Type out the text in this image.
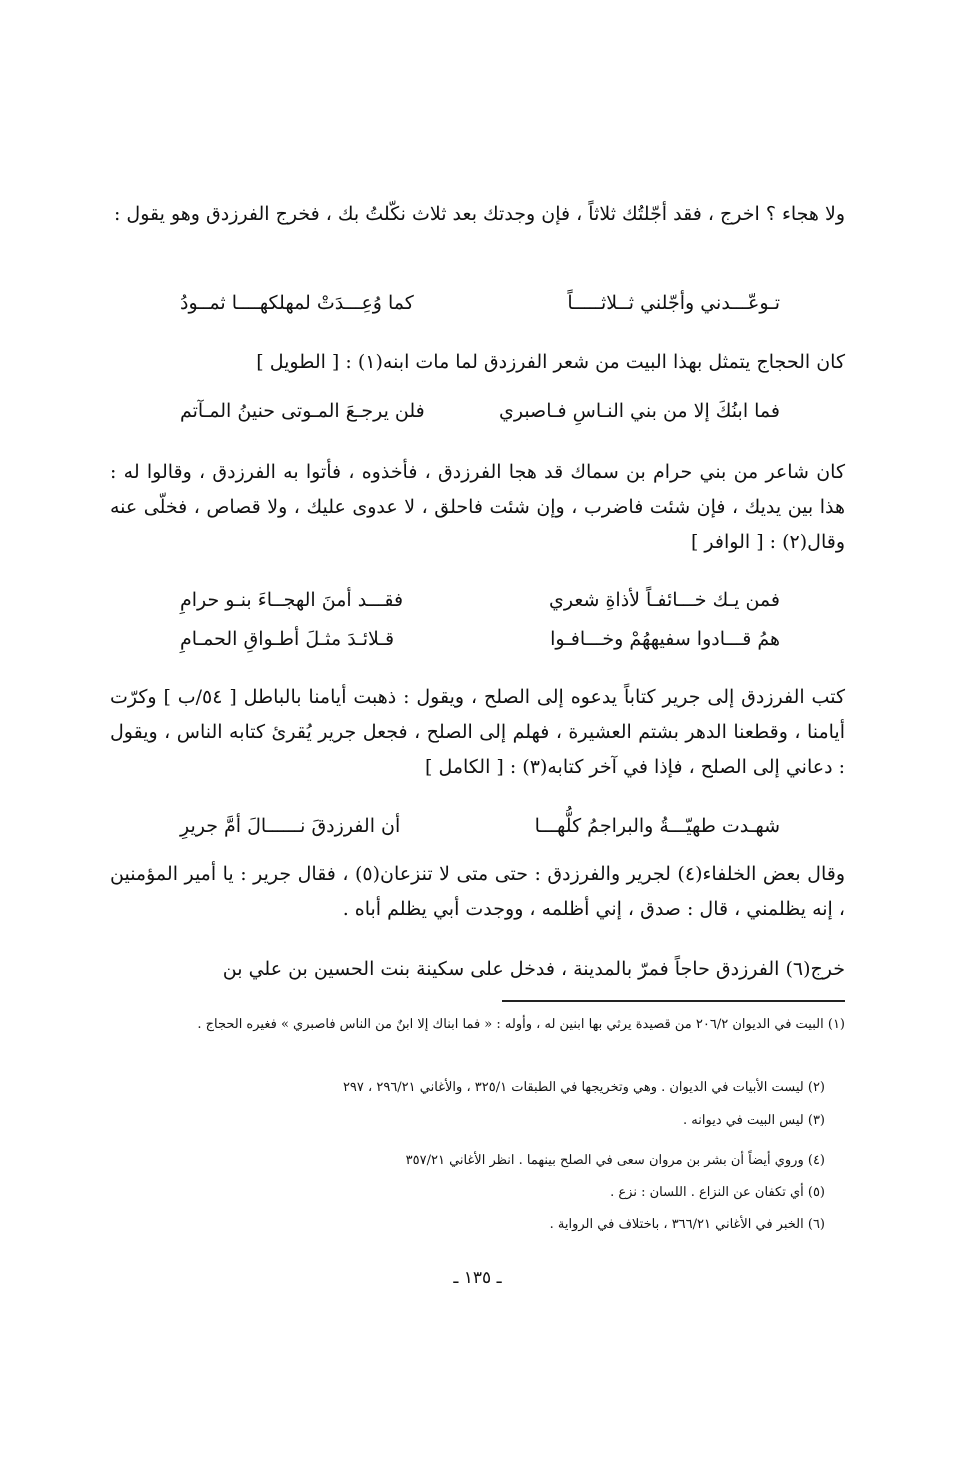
ولا هجاء ؟ اخرج ، فقد أجّلتُك ثلاثاً ، فإن وجدتك بعد ثلاث نكّلتُ بك ، فخرج الفرزدق وهو يقول :

تـوعّـــدني وأجّلني ثــلاثـــــاً
كما وُعِـــدَتْ لمهلكهــــا ثمــودُ

كان الحجاج يتمثل بهذا البيت من شعر الفرزدق لما مات ابنه(١) : [ الطويل ]

فما ابنُكَ إلا من بني النـاسِ فـاصبري
فلن يرجـعَ المـوتى حنينُ المـآتم

كان شاعر من بني حرام بن سماك قد هجا الفرزدق ، فأخذوه ، فأتوا به الفرزدق ، وقالوا له : هذا بين يديك ، فإن شئت فاضرب ، وإن شئت فاحلق ، لا عدوى عليك ، ولا قصاص ، فخلّى عنه وقال(٢) : [ الوافر ]

فمن يـك خـــائفـاً لأذاةِ شعري
فقـــد أمنَ الهجــاءَ بنـو حرامِ
همُ قـــادوا سفيههُمْ وخـــافـوا
قـلائـدَ مثـلَ أطـواقِ الحمـامِ

كتب الفرزدق إلى جرير كتاباً يدعوه إلى الصلح ، ويقول : ذهبت أيامنا بالباطل [ ٥٤/ب ] وكرّت أيامنا ، وقطعنا الدهر بشتم العشيرة ، فهلم إلى الصلح ، فجعل جرير يُقرئ كتابه الناس ، ويقول : دعاني إلى الصلح ، فإذا في آخر كتابه(٣) : [ الكامل ]

شهـدت طهيّـــةُ والبراجمُ كلُّهـــا
أن الفرزدقَ نــــــالَ أمَّ جريرِ

وقال بعض الخلفاء(٤) لجرير والفرزدق : حتى متى لا تنزعان(٥) ، فقال جرير : يا أمير المؤمنين ، إنه يظلمني ، قال : صدق ، إني أظلمه ، ووجدت أبي يظلم أباه .

خرج(٦) الفرزدق حاجاً فمرّ بالمدينة ، فدخل على سكينة بنت الحسين بن علي بن

(١) البيت في الديوان ٢٠٦/٢ من قصيدة يرثي بها ابنين له ، وأوله : « فما ابناك إلا ابنٌ من الناس فاصبري » فغيره الحجاج .

(٢) ليست الأبيات في الديوان . وهي وتخريجها في الطبقات ٣٢٥/١ ، والأغاني ٢٩٦/٢١ ، ٢٩٧

(٣) ليس البيت في ديوانه .

(٤) وروي أيضاً أن بشر بن مروان سعى في الصلح بينهما . انظر الأغاني ٣٥٧/٢١

(٥) أي تكفان عن النزاع . اللسان : نزع .

(٦) الخبر في الأغاني ٣٦٦/٢١ ، باختلاف في الرواية .

ـ ١٣٥ ـ
